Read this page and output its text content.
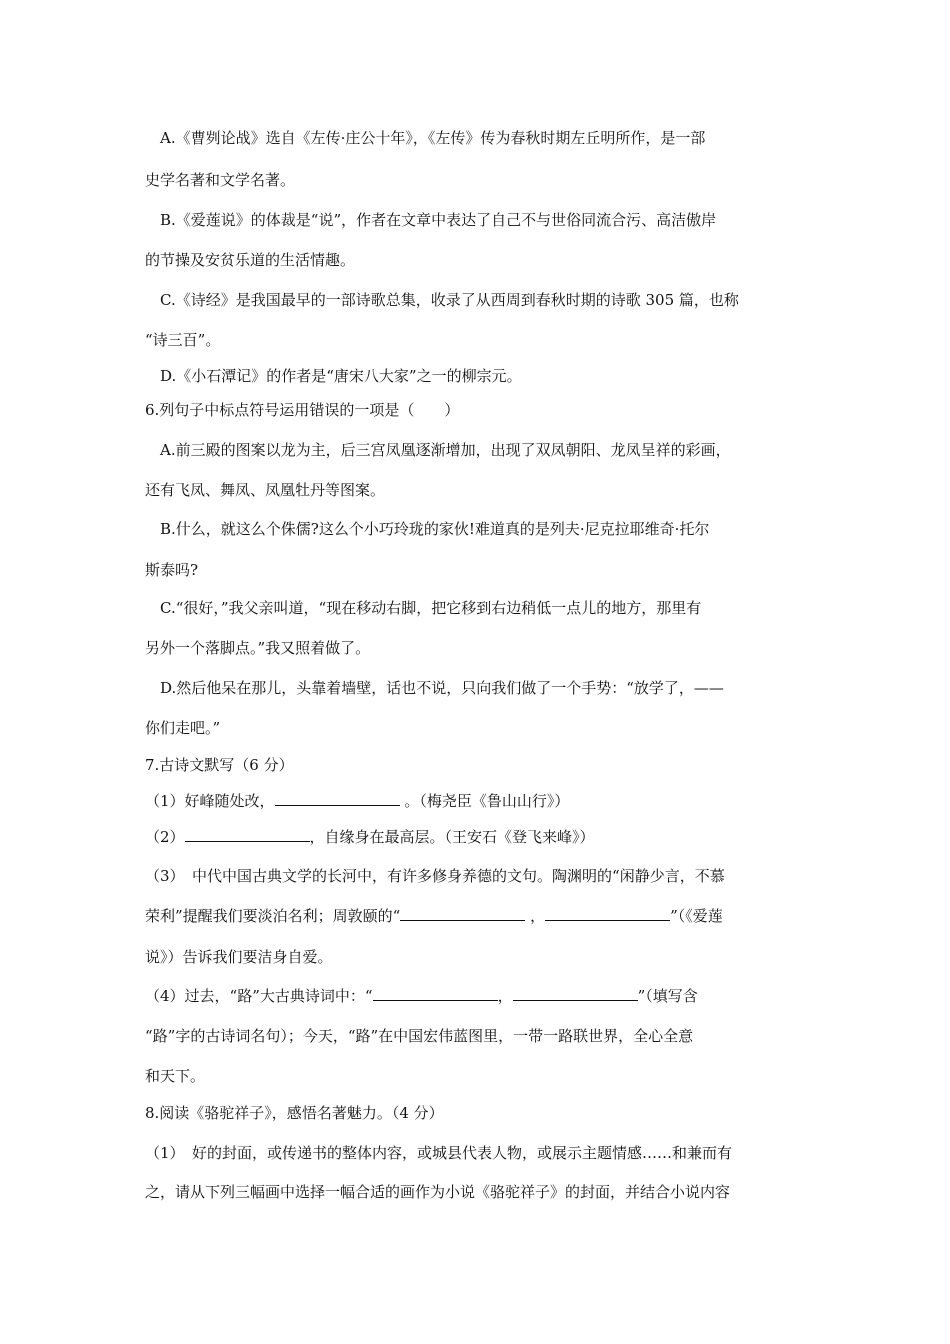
A.《曹刿论战》选自《左传·庄公十年》，《左传》传为春秋时期左丘明所作，是一部
史学名著和文学名著。
B.《爱莲说》的体裁是“说”，作者在文章中表达了自己不与世俗同流合污、高洁傲岸
的节操及安贫乐道的生活情趣。
C.《诗经》是我国最早的一部诗歌总集，收录了从西周到春秋时期的诗歌 305 篇，也称
“诗三百”。
D.《小石潭记》的作者是“唐宋八大家”之一的柳宗元。
6.列句子中标点符号运用错误的一项是（　　）
A.前三殿的图案以龙为主，后三宫凤凰逐渐增加，出现了双凤朝阳、龙凤呈祥的彩画，
还有飞凤、舞凤、凤凰牡丹等图案。
B.什么，就这么个侏儒?这么个小巧玲珑的家伙!难道真的是列夫·尼克拉耶维奇·托尔
斯泰吗?
C.“很好，”我父亲叫道，“现在移动右脚，把它移到右边稍低一点儿的地方，那里有
另外一个落脚点。”我又照着做了。
D.然后他呆在那儿，头靠着墙壁，话也不说，只向我们做了一个手势：“放学了，——
你们走吧。”
7.古诗文默写（6 分）
（1）好峰随处改，	。（梅尧臣《鲁山山行》）
（2）	，自缘身在最高层。（王安石《登飞来峰》）
（3）　中代中国古典文学的长河中，有许多修身养德的文句。陶渊明的“闲静少言，不慕
荣利”提醒我们要淡泊名利；周敦颐的“	，	”（《爱莲
说》）告诉我们要洁身自爱。
（4）过去，“路”大古典诗词中：“	，	”（填写含
“路”字的古诗词名句）；今天，“路”在中国宏伟蓝图里，一带一路联世界，全心全意
和天下。
8.阅读《骆驼祥子》，感悟名著魅力。（4 分）
（1）　好的封面，或传递书的整体内容，或城县代表人物，或展示主题情感……和兼而有
之，请从下列三幅画中选择一幅合适的画作为小说《骆驼祥子》的封面，并结合小说内容
